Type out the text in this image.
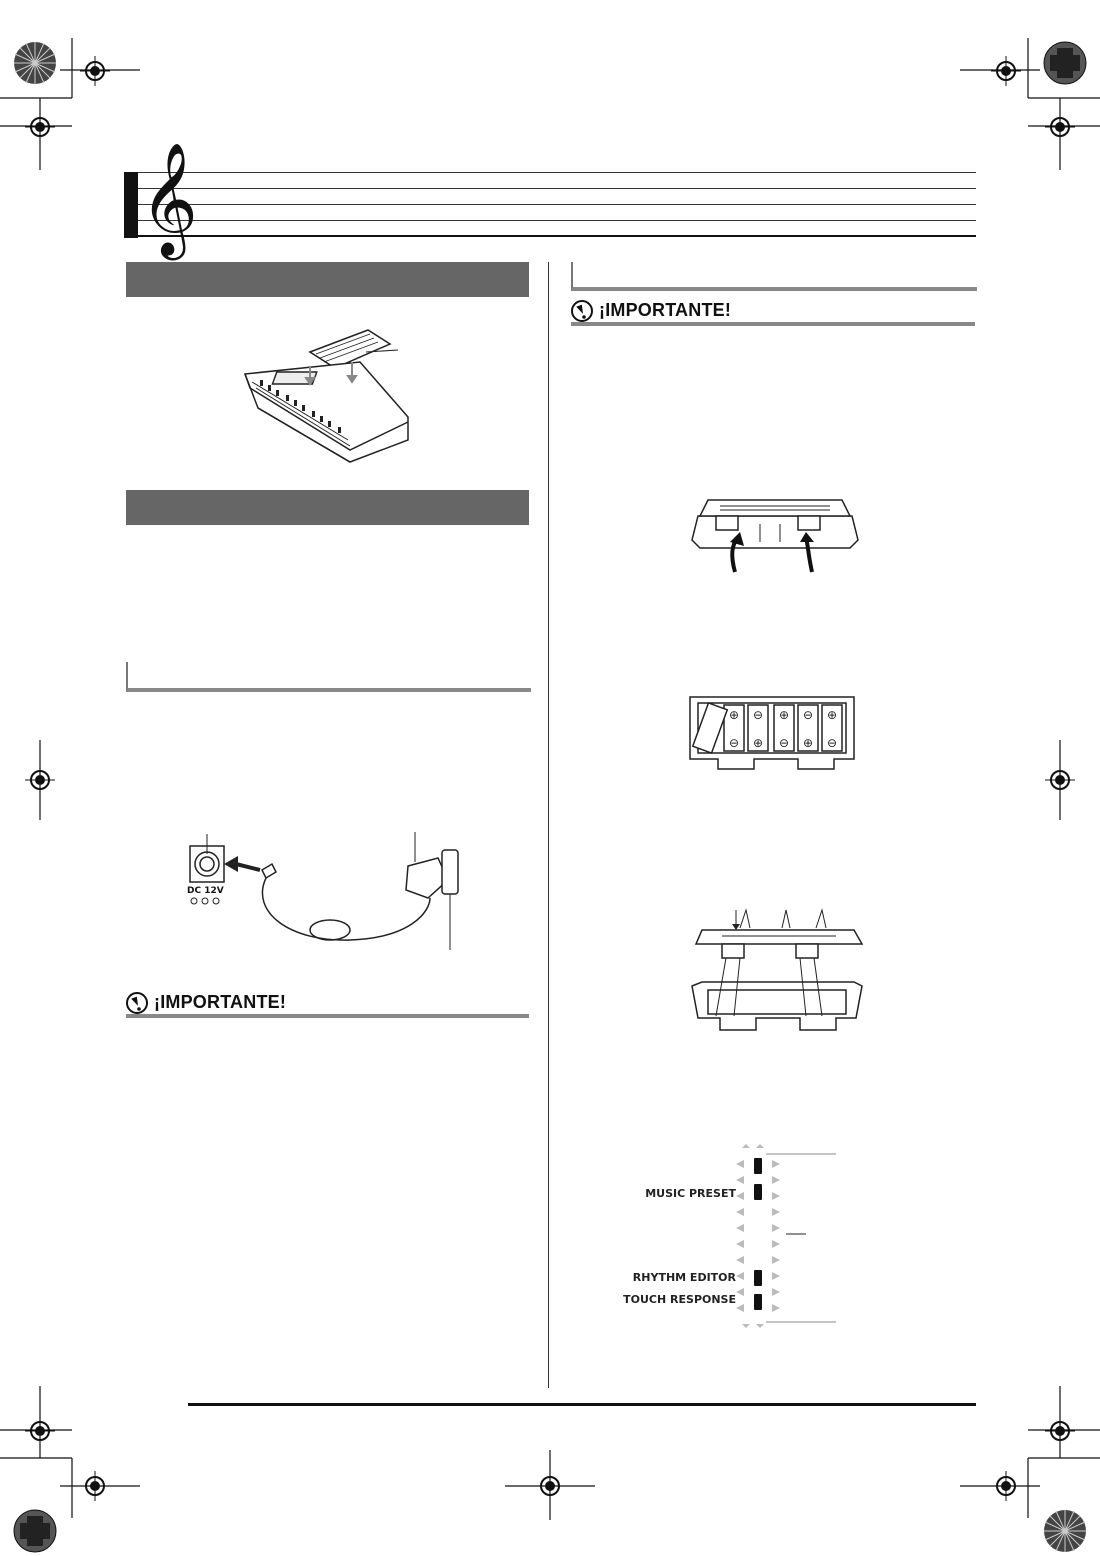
𝄞
DC 12V
¡IMPORTANTE!
¡IMPORTANTE!
⊕
⊖
⊖
⊕
⊕
⊖
⊖
⊕
⊕
⊖
MUSIC PRESET
RHYTHM EDITOR
TOUCH RESPONSE
